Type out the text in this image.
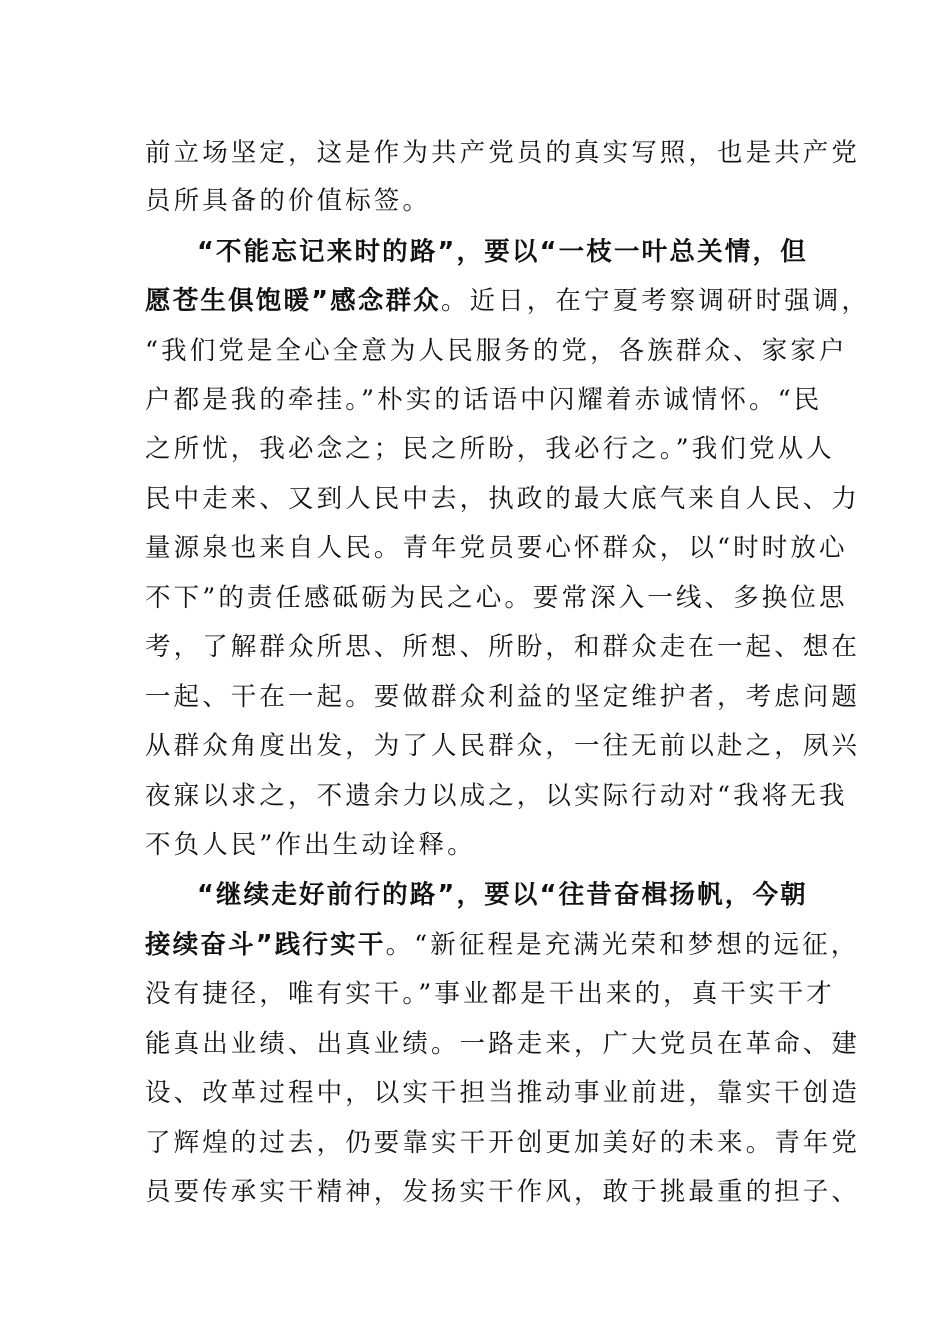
前立场坚定，这是作为共产党员的真实写照，也是共产党
员所具备的价值标签。
“不能忘记来时的路”，要以“一枝一叶总关情，但
愿苍生俱饱暖”感念群众。近日，在宁夏考察调研时强调，
“我们党是全心全意为人民服务的党，各族群众、家家户
户都是我的牵挂。”朴实的话语中闪耀着赤诚情怀。“民
之所忧，我必念之；民之所盼，我必行之。”我们党从人
民中走来、又到人民中去，执政的最大底气来自人民、力
量源泉也来自人民。青年党员要心怀群众，以“时时放心
不下”的责任感砥砺为民之心。要常深入一线、多换位思
考，了解群众所思、所想、所盼，和群众走在一起、想在
一起、干在一起。要做群众利益的坚定维护者，考虑问题
从群众角度出发，为了人民群众，一往无前以赴之，夙兴
夜寐以求之，不遗余力以成之，以实际行动对“我将无我
不负人民”作出生动诠释。
“继续走好前行的路”，要以“往昔奋楫扬帆，今朝
接续奋斗”践行实干。“新征程是充满光荣和梦想的远征，
没有捷径，唯有实干。”事业都是干出来的，真干实干才
能真出业绩、出真业绩。一路走来，广大党员在革命、建
设、改革过程中，以实干担当推动事业前进，靠实干创造
了辉煌的过去，仍要靠实干开创更加美好的未来。青年党
员要传承实干精神，发扬实干作风，敢于挑最重的担子、
